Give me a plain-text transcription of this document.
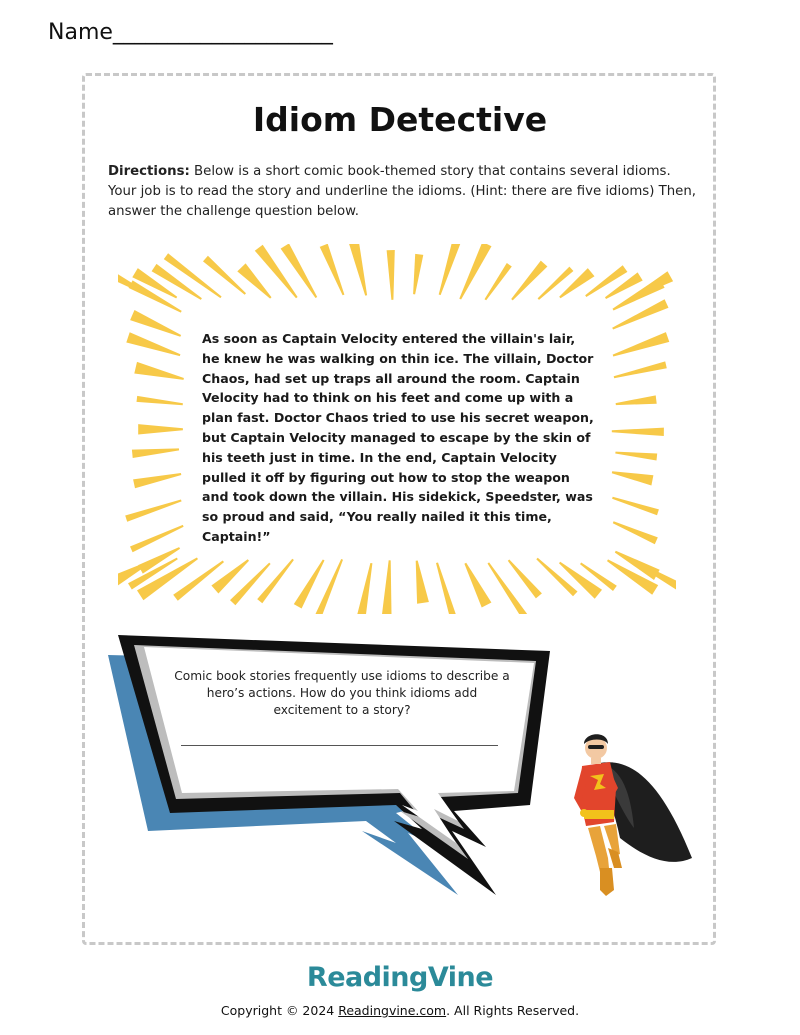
Name____________________
Idiom Detective
Directions: Below is a short comic book-themed story that contains several idioms. Your job is to read the story and underline the idioms. (Hint: there are five idioms) Then, answer the challenge question below.
As soon as Captain Velocity entered the villain's lair, he knew he was walking on thin ice. The villain, Doctor Chaos, had set up traps all around the room. Captain Velocity had to think on his feet and come up with a plan fast. Doctor Chaos tried to use his secret weapon, but Captain Velocity managed to escape by the skin of his teeth just in time. In the end, Captain Velocity pulled it off by figuring out how to stop the weapon and took down the villain. His sidekick, Speedster, was so proud and said, “You really nailed it this time, Captain!”
Comic book stories frequently use idioms to describe a hero’s actions. How do you think idioms add excitement to a story?
ReadingVine
Copyright © 2024 Readingvine.com. All Rights Reserved.
